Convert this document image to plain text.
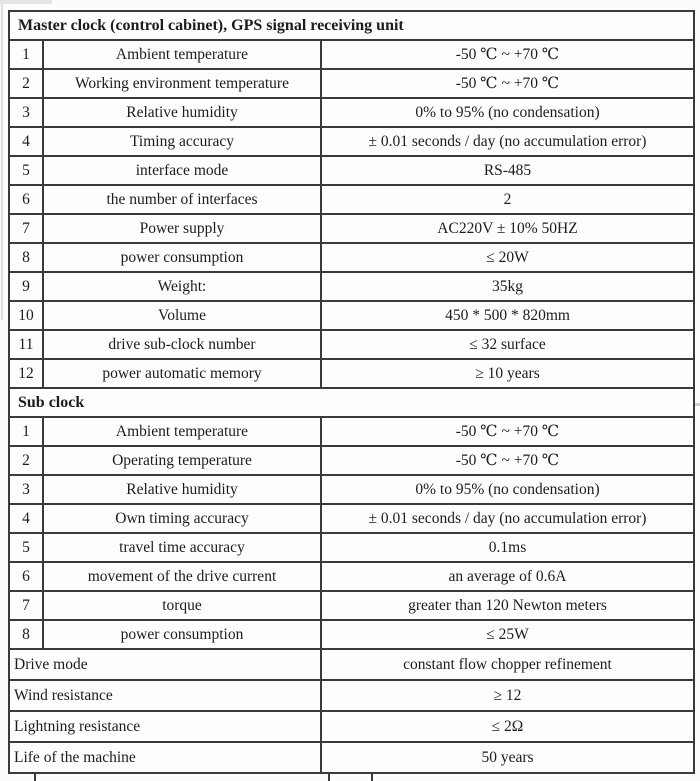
Master clock (control cabinet), GPS signal receiving unit		
1	Ambient temperature	-50 ℃ ~ +70 ℃
2	Working environment temperature	-50 ℃ ~ +70 ℃
3	Relative humidity	0% to 95% (no condensation)
4	Timing accuracy	± 0.01 seconds / day (no accumulation error)
5	interface mode	RS-485
6	the number of interfaces	2
7	Power supply	AC220V ± 10% 50HZ
8	power consumption	≤ 20W
9	Weight:	35kg
10	Volume	450 * 500 * 820mm
11	drive sub-clock number	≤ 32 surface
12	power automatic memory	≥ 10 years
Sub clock		
1	Ambient temperature	-50 ℃ ~ +70 ℃
2	Operating temperature	-50 ℃ ~ +70 ℃
3	Relative humidity	0% to 95% (no condensation)
4	Own timing accuracy	± 0.01 seconds / day (no accumulation error)
5	travel time accuracy	0.1ms
6	movement of the drive current	an average of 0.6A
7	torque	greater than 120 Newton meters
8	power consumption	≤ 25W
Drive mode		constant flow chopper refinement
Wind resistance		≥ 12
Lightning resistance		≤ 2Ω
Life of the machine		50 years
